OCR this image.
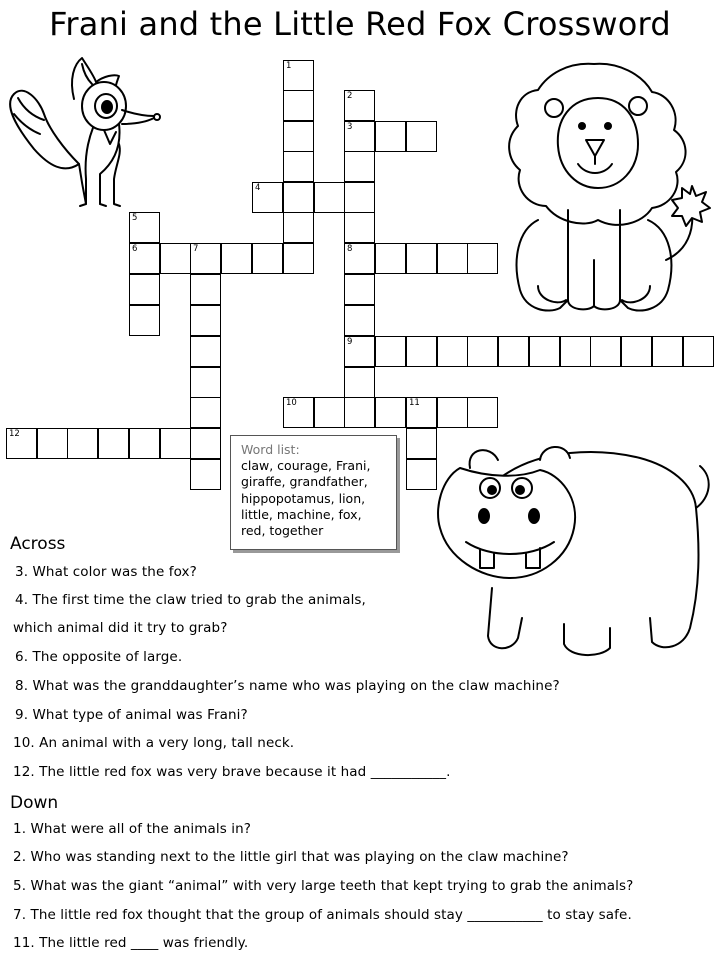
Frani and the Little Red Fox Crossword
1
2
3
4
5
6	7	8
9
10	11
12
Word list:
claw, courage, Frani,
giraffe, grandfather,
hippopotamus, lion,
little, machine, fox,
red, together
Across
3. What color was the fox?
4. The first time the claw tried to grab the animals,
which animal did it try to grab?
6. The opposite of large.
8. What was the granddaughter’s name who was playing on the claw machine?
9. What type of animal was Frani?
10. An animal with a very long, tall neck.
12. The little red fox was very brave because it had ___________.
Down
1. What were all of the animals in?
2. Who was standing next to the little girl that was playing on the claw machine?
5. What was the giant “animal” with very large teeth that kept trying to grab the animals?
7. The little red fox thought that the group of animals should stay ___________ to stay safe.
11. The little red ____ was friendly.
